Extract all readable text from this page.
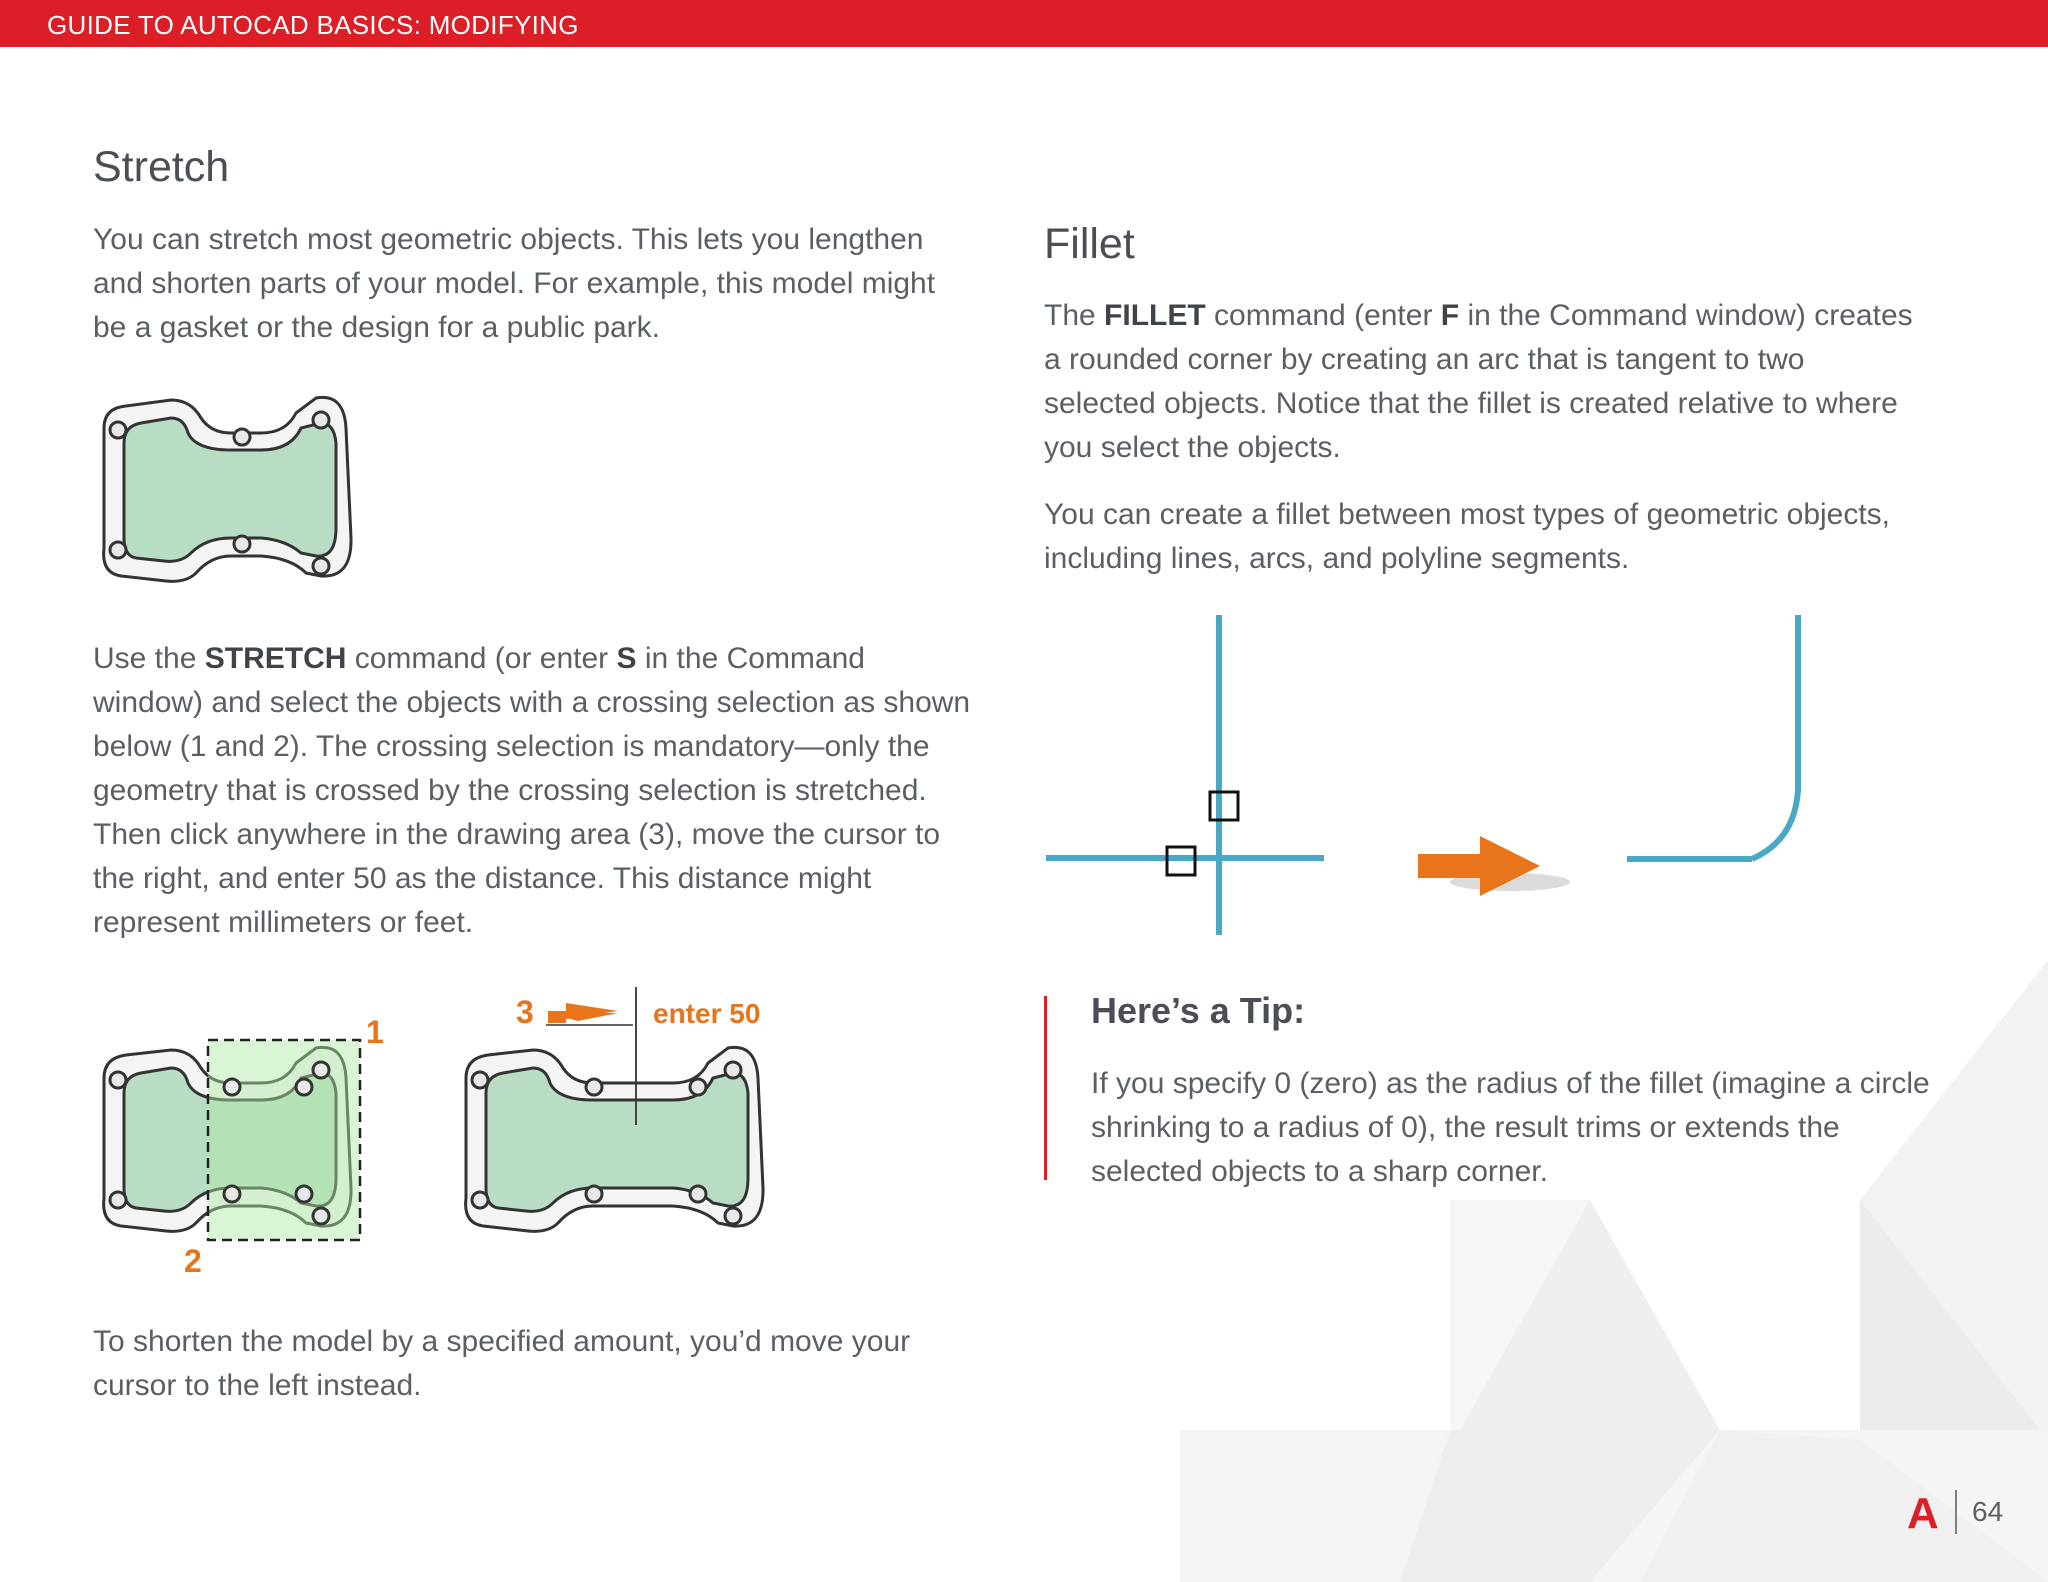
GUIDE TO AUTOCAD BASICS: MODIFYING
Stretch
You can stretch most geometric objects. This lets you lengthen and shorten parts of your model. For example, this model might be a gasket or the design for a public park.
Use the STRETCH command (or enter S in the Command window) and select the objects with a crossing selection as shown below (1 and 2). The crossing selection is mandatory—only the geometry that is crossed by the crossing selection is stretched. Then click anywhere in the drawing area (3), move the cursor to the right, and enter 50 as the distance. This distance might represent millimeters or feet.
1
2
3	enter 50
To shorten the model by a specified amount, you’d move your cursor to the left instead.
Fillet
The FILLET command (enter F in the Command window) creates a rounded corner by creating an arc that is tangent to two selected objects. Notice that the fillet is created relative to where you select the objects.
You can create a fillet between most types of geometric objects, including lines, arcs, and polyline segments.
Here’s a Tip:
If you specify 0 (zero) as the radius of the fillet (imagine a circle shrinking to a radius of 0), the result trims or extends the selected objects to a sharp corner.
A 64
